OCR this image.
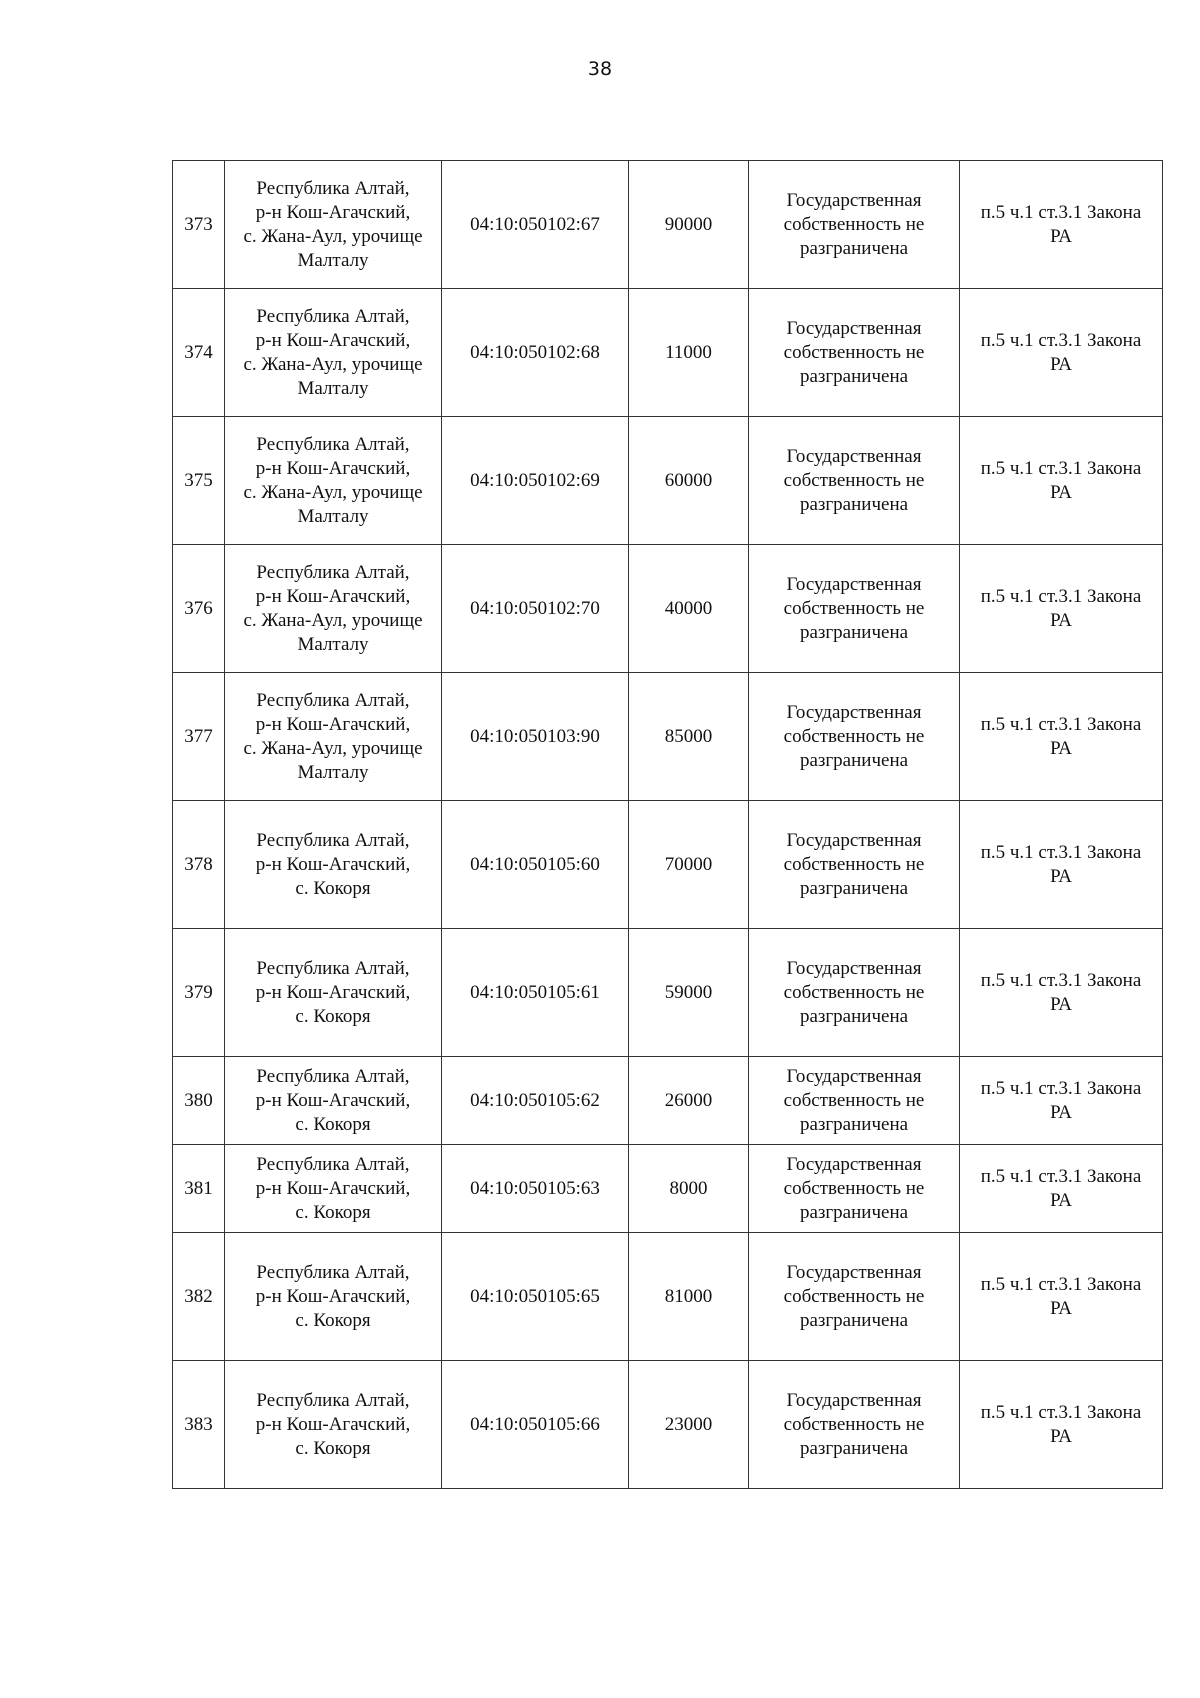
38
373	Республика Алтай,
р-н Кош-Агачский,
с. Жана-Аул, урочище
Малталу	04:10:050102:67	90000	Государственная
собственность не
разграничена	п.5 ч.1 ст.3.1 Закона
РА

374	Республика Алтай,
р-н Кош-Агачский,
с. Жана-Аул, урочище
Малталу	04:10:050102:68	11000	Государственная
собственность не
разграничена	п.5 ч.1 ст.3.1 Закона
РА

375	Республика Алтай,
р-н Кош-Агачский,
с. Жана-Аул, урочище
Малталу	04:10:050102:69	60000	Государственная
собственность не
разграничена	п.5 ч.1 ст.3.1 Закона
РА

376	Республика Алтай,
р-н Кош-Агачский,
с. Жана-Аул, урочище
Малталу	04:10:050102:70	40000	Государственная
собственность не
разграничена	п.5 ч.1 ст.3.1 Закона
РА

377	Республика Алтай,
р-н Кош-Агачский,
с. Жана-Аул, урочище
Малталу	04:10:050103:90	85000	Государственная
собственность не
разграничена	п.5 ч.1 ст.3.1 Закона
РА

378	Республика Алтай,
р-н Кош-Агачский,
с. Кокоря	04:10:050105:60	70000	Государственная
собственность не
разграничена	п.5 ч.1 ст.3.1 Закона
РА

379	Республика Алтай,
р-н Кош-Агачский,
с. Кокоря	04:10:050105:61	59000	Государственная
собственность не
разграничена	п.5 ч.1 ст.3.1 Закона
РА

380	Республика Алтай,
р-н Кош-Агачский,
с. Кокоря	04:10:050105:62	26000	Государственная
собственность не
разграничена	п.5 ч.1 ст.3.1 Закона
РА

381	Республика Алтай,
р-н Кош-Агачский,
с. Кокоря	04:10:050105:63	8000	Государственная
собственность не
разграничена	п.5 ч.1 ст.3.1 Закона
РА

382	Республика Алтай,
р-н Кош-Агачский,
с. Кокоря	04:10:050105:65	81000	Государственная
собственность не
разграничена	п.5 ч.1 ст.3.1 Закона
РА

383	Республика Алтай,
р-н Кош-Агачский,
с. Кокоря	04:10:050105:66	23000	Государственная
собственность не
разграничена	п.5 ч.1 ст.3.1 Закона
РА
